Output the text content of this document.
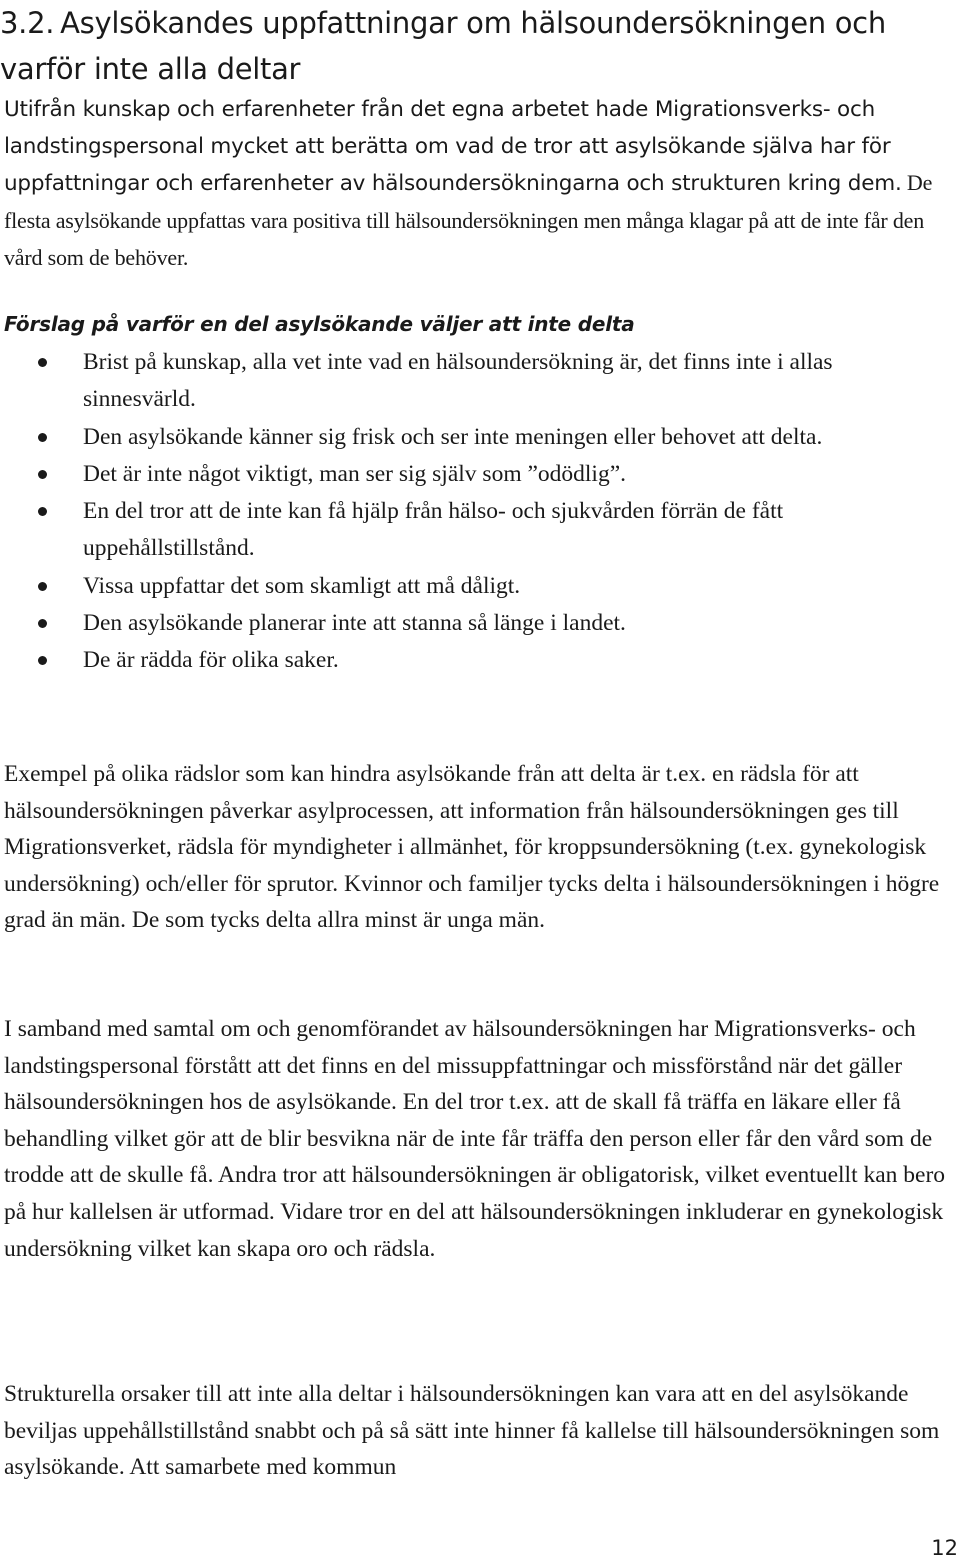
3.2. Asylsökandes uppfattningar om hälsoundersökningen och varför inte alla deltar

Utifrån kunskap och erfarenheter från det egna arbetet hade Migrationsverks- och landstingspersonal mycket att berätta om vad de tror att asylsökande själva har för uppfattningar och erfarenheter av hälsoundersökningarna och strukturen kring dem. De flesta asylsökande uppfattas vara positiva till hälsoundersökningen men många klagar på att de inte får den vård som de behöver.

Förslag på varför en del asylsökande väljer att inte delta
Brist på kunskap, alla vet inte vad en hälsoundersökning är, det finns inte i allas sinnesvärld.
Den asylsökande känner sig frisk och ser inte meningen eller behovet att delta.
Det är inte något viktigt, man ser sig själv som ”odödlig”.
En del tror att de inte kan få hjälp från hälso- och sjukvården förrän de fått uppehållstillstånd.
Vissa uppfattar det som skamligt att må dåligt.
Den asylsökande planerar inte att stanna så länge i landet.
De är rädda för olika saker.

Exempel på olika rädslor som kan hindra asylsökande från att delta är t.ex. en rädsla för att hälsoundersökningen påverkar asylprocessen, att information från hälsoundersökningen ges till Migrationsverket, rädsla för myndigheter i allmänhet, för kroppsundersökning (t.ex. gynekologisk undersökning) och/eller för sprutor. Kvinnor och familjer tycks delta i hälsoundersökningen i högre grad än män. De som tycks delta allra minst är unga män.

I samband med samtal om och genomförandet av hälsoundersökningen har Migrationsverks- och landstingspersonal förstått att det finns en del missuppfattningar och missförstånd när det gäller hälsoundersökningen hos de asylsökande. En del tror t.ex. att de skall få träffa en läkare eller få behandling vilket gör att de blir besvikna när de inte får träffa den person eller får den vård som de trodde att de skulle få. Andra tror att hälsoundersökningen är obligatorisk, vilket eventuellt kan bero på hur kallelsen är utformad. Vidare tror en del att hälsoundersökningen inkluderar en gynekologisk undersökning vilket kan skapa oro och rädsla.

Strukturella orsaker till att inte alla deltar i hälsoundersökningen kan vara att en del asylsökande beviljas uppehållstillstånd snabbt och på så sätt inte hinner få kallelse till hälsoundersökningen som asylsökande. Att samarbete med kommun

12
